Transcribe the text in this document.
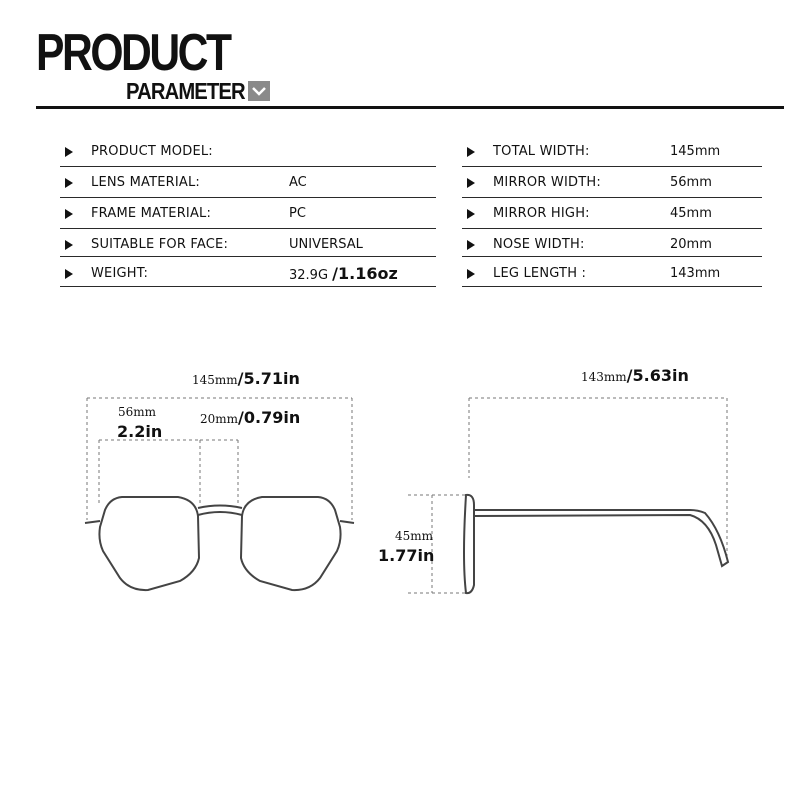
PRODUCT
PARAMETER
PRODUCT MODEL:
LENS MATERIAL:	AC
FRAME MATERIAL:	PC
SUITABLE FOR FACE:	UNIVERSAL
WEIGHT:	32.9G /1.16oz
TOTAL WIDTH:	145mm
MIRROR WIDTH:	56mm
MIRROR HIGH:	45mm
NOSE WIDTH:	20mm
LEG LENGTH :	143mm
145mm/5.71in
56mm
2.2in
20mm/0.79in
143mm/5.63in
45mm
1.77in
